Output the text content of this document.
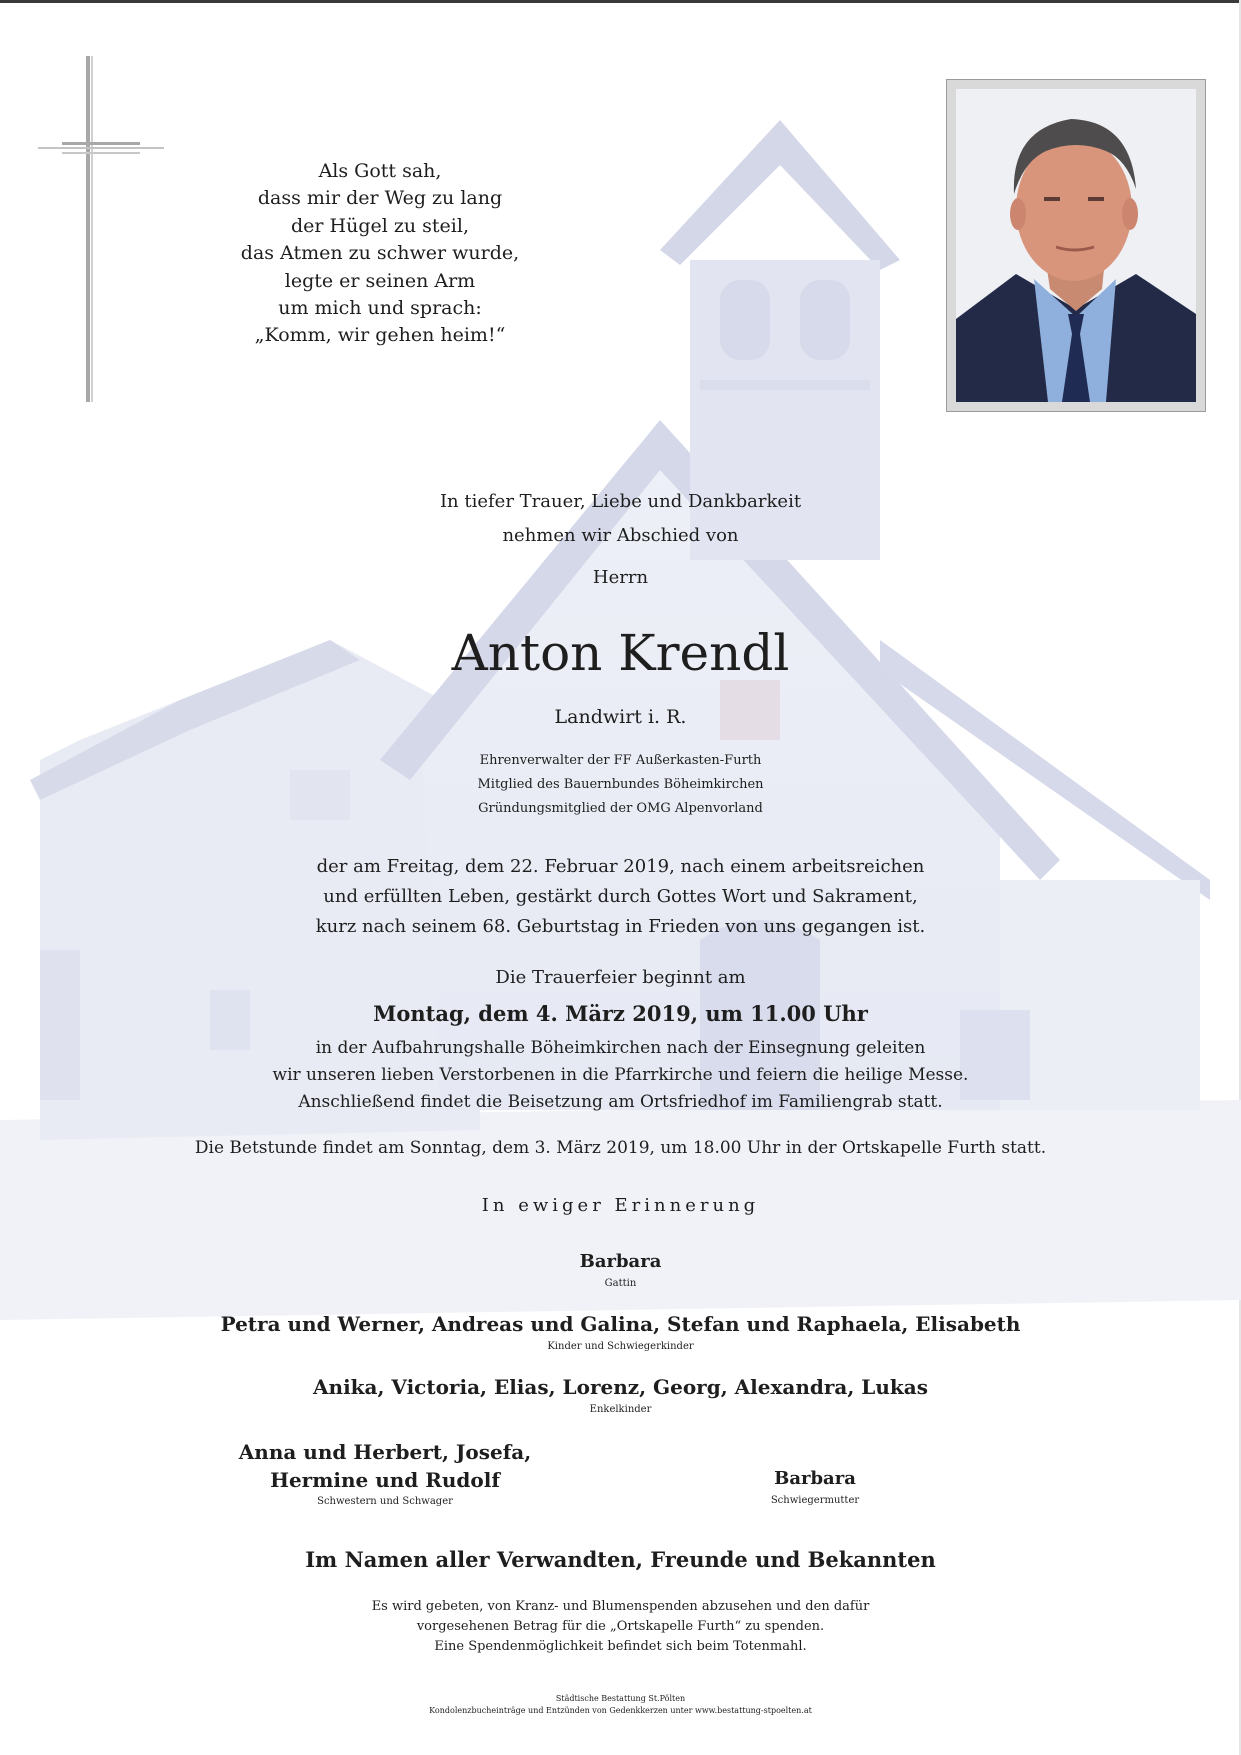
Als Gott sah,
dass mir der Weg zu lang
der Hügel zu steil,
das Atmen zu schwer wurde,
legte er seinen Arm
um mich und sprach:
„Komm, wir gehen heim!“
In tiefer Trauer, Liebe und Dankbarkeit
nehmen wir Abschied von
Herrn
Anton Krendl
Landwirt i. R.
Ehrenverwalter der FF Außerkasten-Furth
Mitglied des Bauernbundes Böheimkirchen
Gründungsmitglied der OMG Alpenvorland
der am Freitag, dem 22. Februar 2019, nach einem arbeitsreichen
und erfüllten Leben, gestärkt durch Gottes Wort und Sakrament,
kurz nach seinem 68. Geburtstag in Frieden von uns gegangen ist.
Die Trauerfeier beginnt am
Montag, dem 4. März 2019, um 11.00 Uhr
in der Aufbahrungshalle Böheimkirchen nach der Einsegnung geleiten
wir unseren lieben Verstorbenen in die Pfarrkirche und feiern die heilige Messe.
Anschließend findet die Beisetzung am Ortsfriedhof im Familiengrab statt.
Die Betstunde findet am Sonntag, dem 3. März 2019, um 18.00 Uhr in der Ortskapelle Furth statt.
In ewiger Erinnerung
Barbara
Gattin
Petra und Werner, Andreas und Galina, Stefan und Raphaela, Elisabeth
Kinder und Schwiegerkinder
Anika, Victoria, Elias, Lorenz, Georg, Alexandra, Lukas
Enkelkinder
Anna und Herbert, Josefa,
Hermine und Rudolf
Schwestern und Schwager
Barbara
Schwiegermutter
Im Namen aller Verwandten, Freunde und Bekannten
Es wird gebeten, von Kranz- und Blumenspenden abzusehen und den dafür
vorgesehenen Betrag für die „Ortskapelle Furth“ zu spenden.
Eine Spendenmöglichkeit befindet sich beim Totenmahl.
Städtische Bestattung St.Pölten
Kondolenzbucheinträge und Entzünden von Gedenkkerzen unter www.bestattung-stpoelten.at
